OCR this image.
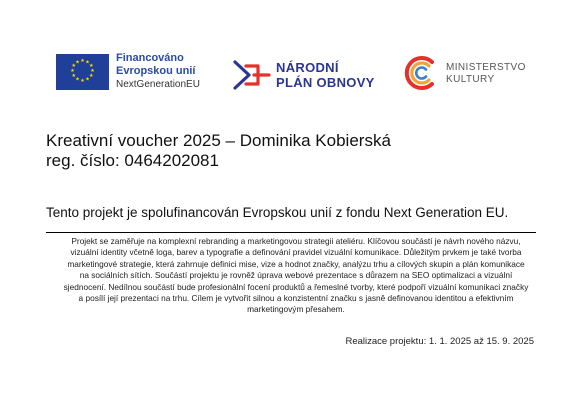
★ ★
★
★
★
★
★
★
★
★
★
★	Financováno
Evropskou unií
NextGenerationEU
NÁRODNÍ
PLÁN OBNOVY
MINISTERSTVO
KULTURY
Kreativní voucher 2025 – Dominika Kobierská
reg. číslo: 0464202081
Tento projekt je spolufinancován Evropskou unií z fondu Next Generation EU.
Projekt se zaměřuje na komplexní rebranding a marketingovou strategii ateliéru. Klíčovou součástí je návrh nového názvu, vizuální identity včetně loga, barev a typografie a definování pravidel vizuální komunikace. Důležitým prvkem je také tvorba marketingové strategie, která zahrnuje definici mise, vize a hodnot značky, analýzu trhu a cílových skupin a plán komunikace na sociálních sítích. Součástí projektu je rovněž úprava webové prezentace s důrazem na SEO optimalizaci a vizuální sjednocení. Nedílnou součástí bude profesionální focení produktů a řemeslné tvorby, které podpoří vizuální komunikaci značky a posílí její prezentaci na trhu. Cílem je vytvořit silnou a konzistentní značku s jasně definovanou identitou a efektivním marketingovým přesahem.
Realizace projektu: 1. 1. 2025 až 15. 9. 2025
